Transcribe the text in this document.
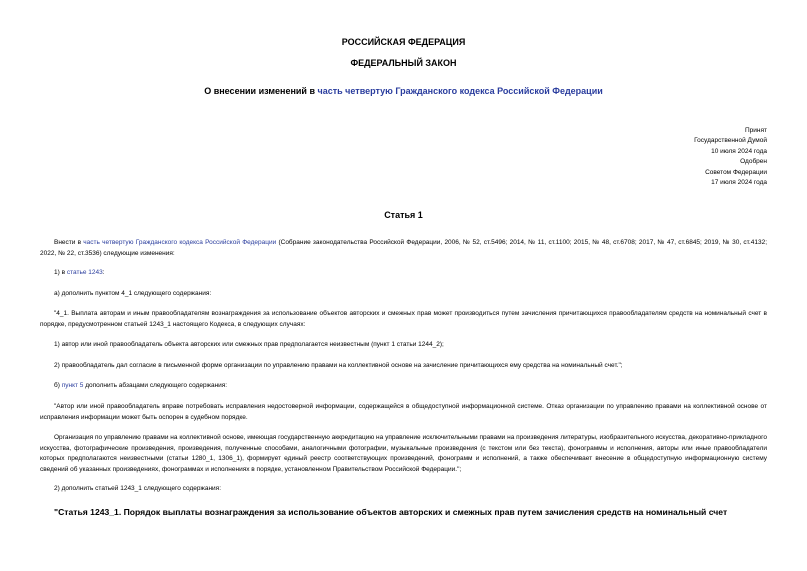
РОССИЙСКАЯ ФЕДЕРАЦИЯ
ФЕДЕРАЛЬНЫЙ ЗАКОН
О внесении изменений в часть четвертую Гражданского кодекса Российской Федерации
Принят
Государственной Думой
10 июля 2024 года
Одобрен
Советом Федерации
17 июля 2024 года
Статья 1
Внести в часть четвертую Гражданского кодекса Российской Федерации (Собрание законодательства Российской Федерации, 2006, № 52, ст.5496; 2014, № 11, ст.1100; 2015, № 48, ст.6708; 2017, № 47, ст.6845; 2019, № 30, ст.4132; 2022, № 22, ст.3536) следующие изменения:
1) в статье 1243:
а) дополнить пунктом 4_1 следующего содержания:
"4_1. Выплата авторам и иным правообладателям вознаграждения за использование объектов авторских и смежных прав может производиться путем зачисления причитающихся правообладателям средств на номинальный счет в порядке, предусмотренном статьей 1243_1 настоящего Кодекса, в следующих случаях:
1) автор или иной правообладатель объекта авторских или смежных прав предполагается неизвестным (пункт 1 статьи 1244_2);
2) правообладатель дал согласие в письменной форме организации по управлению правами на коллективной основе на зачисление причитающихся ему средства на номинальный счет.";
б) пункт 5 дополнить абзацами следующего содержания:
"Автор или иной правообладатель вправе потребовать исправления недостоверной информации, содержащейся в общедоступной информационной системе. Отказ организации по управлению правами на коллективной основе от исправления информации может быть оспорен в судебном порядке.
Организация по управлению правами на коллективной основе, имеющая государственную аккредитацию на управление исключительными правами на произведения литературы, изобразительного искусства, декоративно-прикладного искусства, фотографические произведения, произведения, полученные способами, аналогичными фотографии, музыкальные произведения (с текстом или без текста), фонограммы и исполнения, авторы или иные правообладатели которых предполагаются неизвестными (статьи 1280_1, 1306_1), формирует единый реестр соответствующих произведений, фонограмм и исполнений, а также обеспечивает внесение в общедоступную информационную систему сведений об указанных произведениях, фонограммах и исполнениях в порядке, установленном Правительством Российской Федерации.";
2) дополнить статьей 1243_1 следующего содержания:
"Статья 1243_1. Порядок выплаты вознаграждения за использование объектов авторских и смежных прав путем зачисления средств на номинальный счет
